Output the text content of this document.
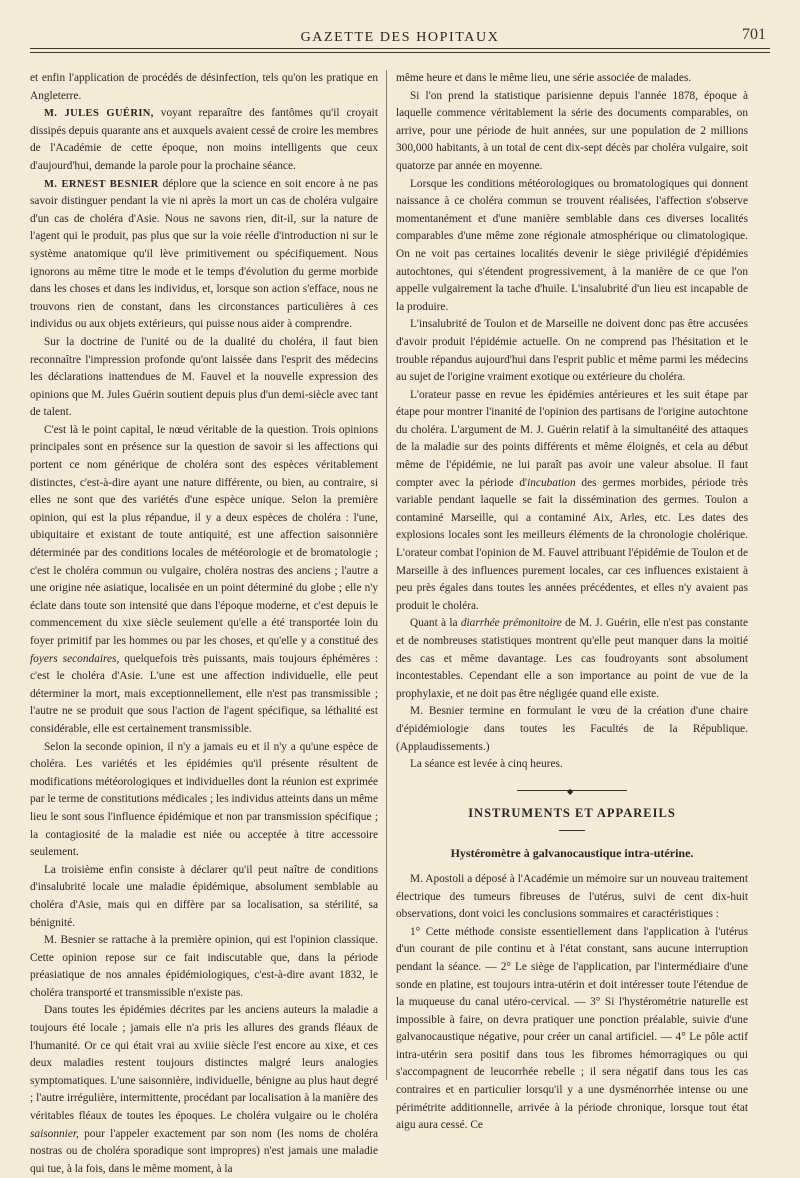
GAZETTE DES HOPITAUX	701

et enfin l'application de procédés de désinfection, tels qu'on les pratique en Angleterre.

M. JULES GUÉRIN, voyant reparaître des fantômes qu'il croyait dissipés depuis quarante ans et auxquels avaient cessé de croire les membres de l'Académie de cette époque, non moins intelligents que ceux d'aujourd'hui, demande la parole pour la prochaine séance.

M. ERNEST BESNIER déplore que la science en soit encore à ne pas savoir distinguer pendant la vie ni après la mort un cas de choléra vulgaire d'un cas de choléra d'Asie. Nous ne savons rien, dit-il, sur la nature de l'agent qui le produit, pas plus que sur la voie réelle d'introduction ni sur le système anatomique qu'il lève primitivement ou spécifiquement. Nous ignorons au même titre le mode et le temps d'évolution du germe morbide dans les choses et dans les individus, et, lorsque son action s'efface, nous ne trouvons rien de constant, dans les circonstances particulières à ces individus ou aux objets extérieurs, qui puisse nous aider à comprendre.

Sur la doctrine de l'unité ou de la dualité du choléra, il faut bien reconnaître l'impression profonde qu'ont laissée dans l'esprit des médecins les déclarations inattendues de M. Fauvel et la nouvelle expression des opinions que M. Jules Guérin soutient depuis plus d'un demi-siècle avec tant de talent.

C'est là le point capital, le nœud véritable de la question. Trois opinions principales sont en présence sur la question de savoir si les affections qui portent ce nom générique de choléra sont des espèces véritablement distinctes, c'est-à-dire ayant une nature différente, ou bien, au contraire, si elles ne sont que des variétés d'une espèce unique. Selon la première opinion, qui est la plus répandue, il y a deux espèces de choléra : l'une, ubiquitaire et existant de toute antiquité, est une affection saisonnière déterminée par des conditions locales de météorologie et de bromatologie ; c'est le choléra commun ou vulgaire, choléra nostras des anciens ; l'autre a une origine née asiatique, localisée en un point déterminé du globe ; elle n'y éclate dans toute son intensité que dans l'époque moderne, et c'est depuis le commencement du xixe siècle seulement qu'elle a été transportée loin du foyer primitif par les hommes ou par les choses, et qu'elle y a constitué des foyers secondaires, quelquefois très puissants, mais toujours éphémères : c'est le choléra d'Asie. L'une est une affection individuelle, elle peut déterminer la mort, mais exceptionnellement, elle n'est pas transmissible ; l'autre ne se produit que sous l'action de l'agent spécifique, sa léthalité est considérable, elle est certainement transmissible.

Selon la seconde opinion, il n'y a jamais eu et il n'y a qu'une espèce de choléra. Les variétés et les épidémies qu'il présente résultent de modifications météorologiques et individuelles dont la réunion est exprimée par le terme de constitutions médicales ; les individus atteints dans un même lieu le sont sous l'influence épidémique et non par transmission spécifique ; la contagiosité de la maladie est niée ou acceptée à titre accessoire seulement.

La troisième enfin consiste à déclarer qu'il peut naître de conditions d'insalubrité locale une maladie épidémique, absolument semblable au choléra d'Asie, mais qui en diffère par sa localisation, sa stérilité, sa bénignité.

M. Besnier se rattache à la première opinion, qui est l'opinion classique. Cette opinion repose sur ce fait indiscutable que, dans la période préasiatique de nos annales épidémiologiques, c'est-à-dire avant 1832, le choléra transporté et transmissible n'existe pas.

Dans toutes les épidémies décrites par les anciens auteurs la maladie a toujours été locale ; jamais elle n'a pris les allures des grands fléaux de l'humanité. Or ce qui était vrai au xviiie siècle l'est encore au xixe, et ces deux maladies restent toujours distinctes malgré leurs analogies symptomatiques. L'une saisonnière, individuelle, bénigne au plus haut degré ; l'autre irrégulière, intermittente, procédant par localisation à la manière des véritables fléaux de toutes les époques. Le choléra vulgaire ou le choléra saisonnier, pour l'appeler exactement par son nom (les noms de choléra nostras ou de choléra sporadique sont impropres) n'est jamais une maladie qui tue, à la fois, dans le même moment, à la

même heure et dans le même lieu, une série associée de malades.

Si l'on prend la statistique parisienne depuis l'année 1878, époque à laquelle commence véritablement la série des documents comparables, on arrive, pour une période de huit années, sur une population de 2 millions 300,000 habitants, à un total de cent dix-sept décès par choléra vulgaire, soit quatorze par année en moyenne.

Lorsque les conditions météorologiques ou bromatologiques qui donnent naissance à ce choléra commun se trouvent réalisées, l'affection s'observe momentanément et d'une manière semblable dans ces diverses localités comparables d'une même zone régionale atmosphérique ou climatologique. On ne voit pas certaines localités devenir le siège privilégié d'épidémies autochtones, qui s'étendent progressivement, à la manière de ce que l'on appelle vulgairement la tache d'huile. L'insalubrité d'un lieu est incapable de la produire.

L'insalubrité de Toulon et de Marseille ne doivent donc pas être accusées d'avoir produit l'épidémie actuelle. On ne comprend pas l'hésitation et le trouble répandus aujourd'hui dans l'esprit public et même parmi les médecins au sujet de l'origine vraiment exotique ou extérieure du choléra.

L'orateur passe en revue les épidémies antérieures et les suit étape par étape pour montrer l'inanité de l'opinion des partisans de l'origine autochtone du choléra. L'argument de M. J. Guérin relatif à la simultanéité des attaques de la maladie sur des points différents et même éloignés, et cela au début même de l'épidémie, ne lui paraît pas avoir une valeur absolue. Il faut compter avec la période d'incubation des germes morbides, période très variable pendant laquelle se fait la dissémination des germes. Toulon a contaminé Marseille, qui a contaminé Aix, Arles, etc. Les dates des explosions locales sont les meilleurs éléments de la chronologie cholérique. L'orateur combat l'opinion de M. Fauvel attribuant l'épidémie de Toulon et de Marseille à des influences purement locales, car ces influences existaient à peu près égales dans toutes les années précédentes, et elles n'y avaient pas produit le choléra.

Quant à la diarrhée prémonitoire de M. J. Guérin, elle n'est pas constante et de nombreuses statistiques montrent qu'elle peut manquer dans la moitié des cas et même davantage. Les cas foudroyants sont absolument incontestables. Cependant elle a son importance au point de vue de la prophylaxie, et ne doit pas être négligée quand elle existe.

M. Besnier termine en formulant le vœu de la création d'une chaire d'épidémiologie dans toutes les Facultés de la République. (Applaudissements.)

La séance est levée à cinq heures.

◆
INSTRUMENTS ET APPAREILS
Hystéromètre à galvanocaustique intra-utérine.

M. Apostoli a déposé à l'Académie un mémoire sur un nouveau traitement électrique des tumeurs fibreuses de l'utérus, suivi de cent dix-huit observations, dont voici les conclusions sommaires et caractéristiques :

1° Cette méthode consiste essentiellement dans l'application à l'utérus d'un courant de pile continu et à l'état constant, sans aucune interruption pendant la séance. — 2° Le siège de l'application, par l'intermédiaire d'une sonde en platine, est toujours intra-utérin et doit intéresser toute l'étendue de la muqueuse du canal utéro-cervical. — 3° Si l'hystérométrie naturelle est impossible à faire, on devra pratiquer une ponction préalable, suivie d'une galvanocaustique négative, pour créer un canal artificiel. — 4° Le pôle actif intra-utérin sera positif dans tous les fibromes hémorragiques ou qui s'accompagnent de leucorrhée rebelle ; il sera négatif dans tous les cas contraires et en particulier lorsqu'il y a une dysménorrhée intense ou une périmétrite additionnelle, arrivée à la période chronique, lorsque tout état aigu aura cessé. Ce
